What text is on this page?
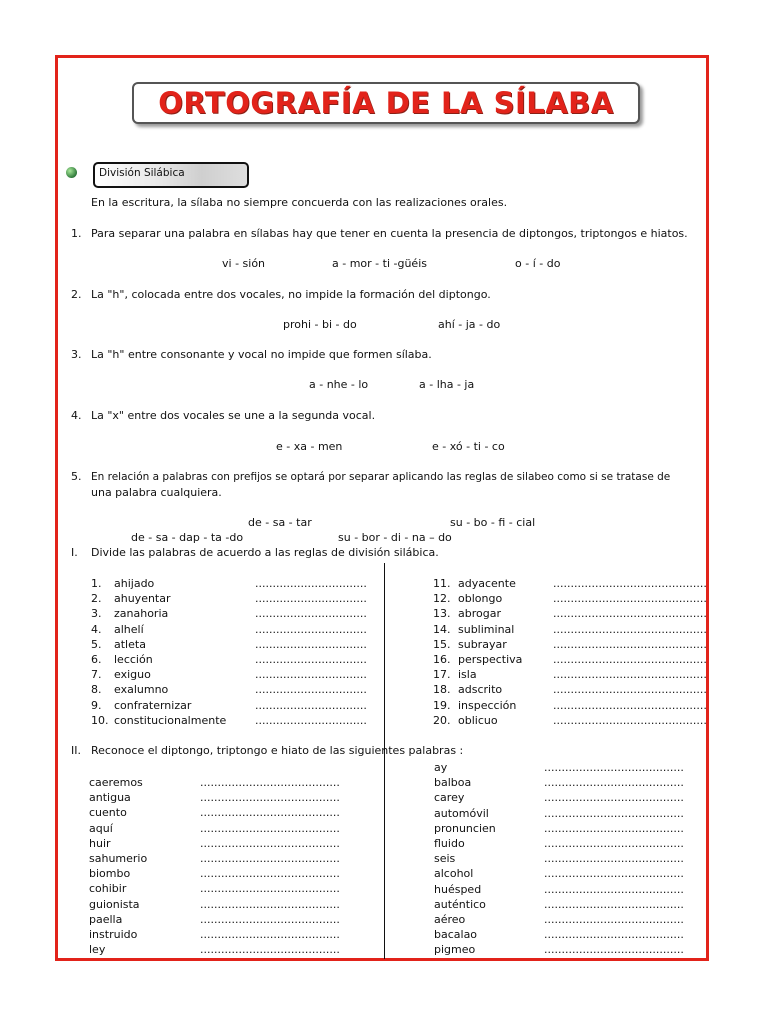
ORTOGRAFÍA DE LA SÍLABA
División Silábica
En la escritura, la sílaba no siempre concuerda con las realizaciones orales.
1. Para separar una palabra en sílabas hay que tener en cuenta la presencia de diptongos, triptongos e hiatos.
vi - sión	a - mor - ti -güéis	o - í - do
2. La "h", colocada entre dos vocales, no impide la formación del diptongo.
prohi - bi - do	ahí - ja - do
3. La "h" entre consonante y vocal no impide que formen sílaba.
a - nhe - lo	a - lha - ja
4. La "x" entre dos vocales se une a la segunda vocal.
e - xa - men	e - xó - ti - co
5. En relación a palabras con prefijos se optará por separar aplicando las reglas de silabeo como si se tratase de
una palabra cualquiera.
de - sa - tar	su - bo - fi - cial
de - sa - dap - ta -do	su - bor - di - na – do
I. Divide las palabras de acuerdo a las reglas de división silábica.
1. ahijado	................................
2. ahuyentar	................................
3. zanahoria	................................
4. alhelí	................................
5. atleta	................................
6. lección	................................
7. exiguo	................................
8. exalumno	................................
9. confraternizar	................................
10. constitucionalmente	................................
11. adyacente	............................................
12. oblongo	............................................
13. abrogar	............................................
14. subliminal	............................................
15. subrayar	............................................
16. perspectiva	............................................
17. isla	............................................
18. adscrito	............................................
19. inspección	............................................
20. oblicuo	............................................
II. Reconoce el diptongo, triptongo e hiato de las siguientes palabras :
caeremos	........................................
antigua	........................................
cuento	........................................
aquí	........................................
huir	........................................
sahumerio	........................................
biombo	........................................
cohibir	........................................
guionista	........................................
paella	........................................
instruido	........................................
ley	........................................
ay	........................................
balboa	........................................
carey	........................................
automóvil	........................................
pronuncien	........................................
fluido	........................................
seis	........................................
alcohol	........................................
huésped	........................................
auténtico	........................................
aéreo	........................................
bacalao	........................................
pigmeo	........................................
